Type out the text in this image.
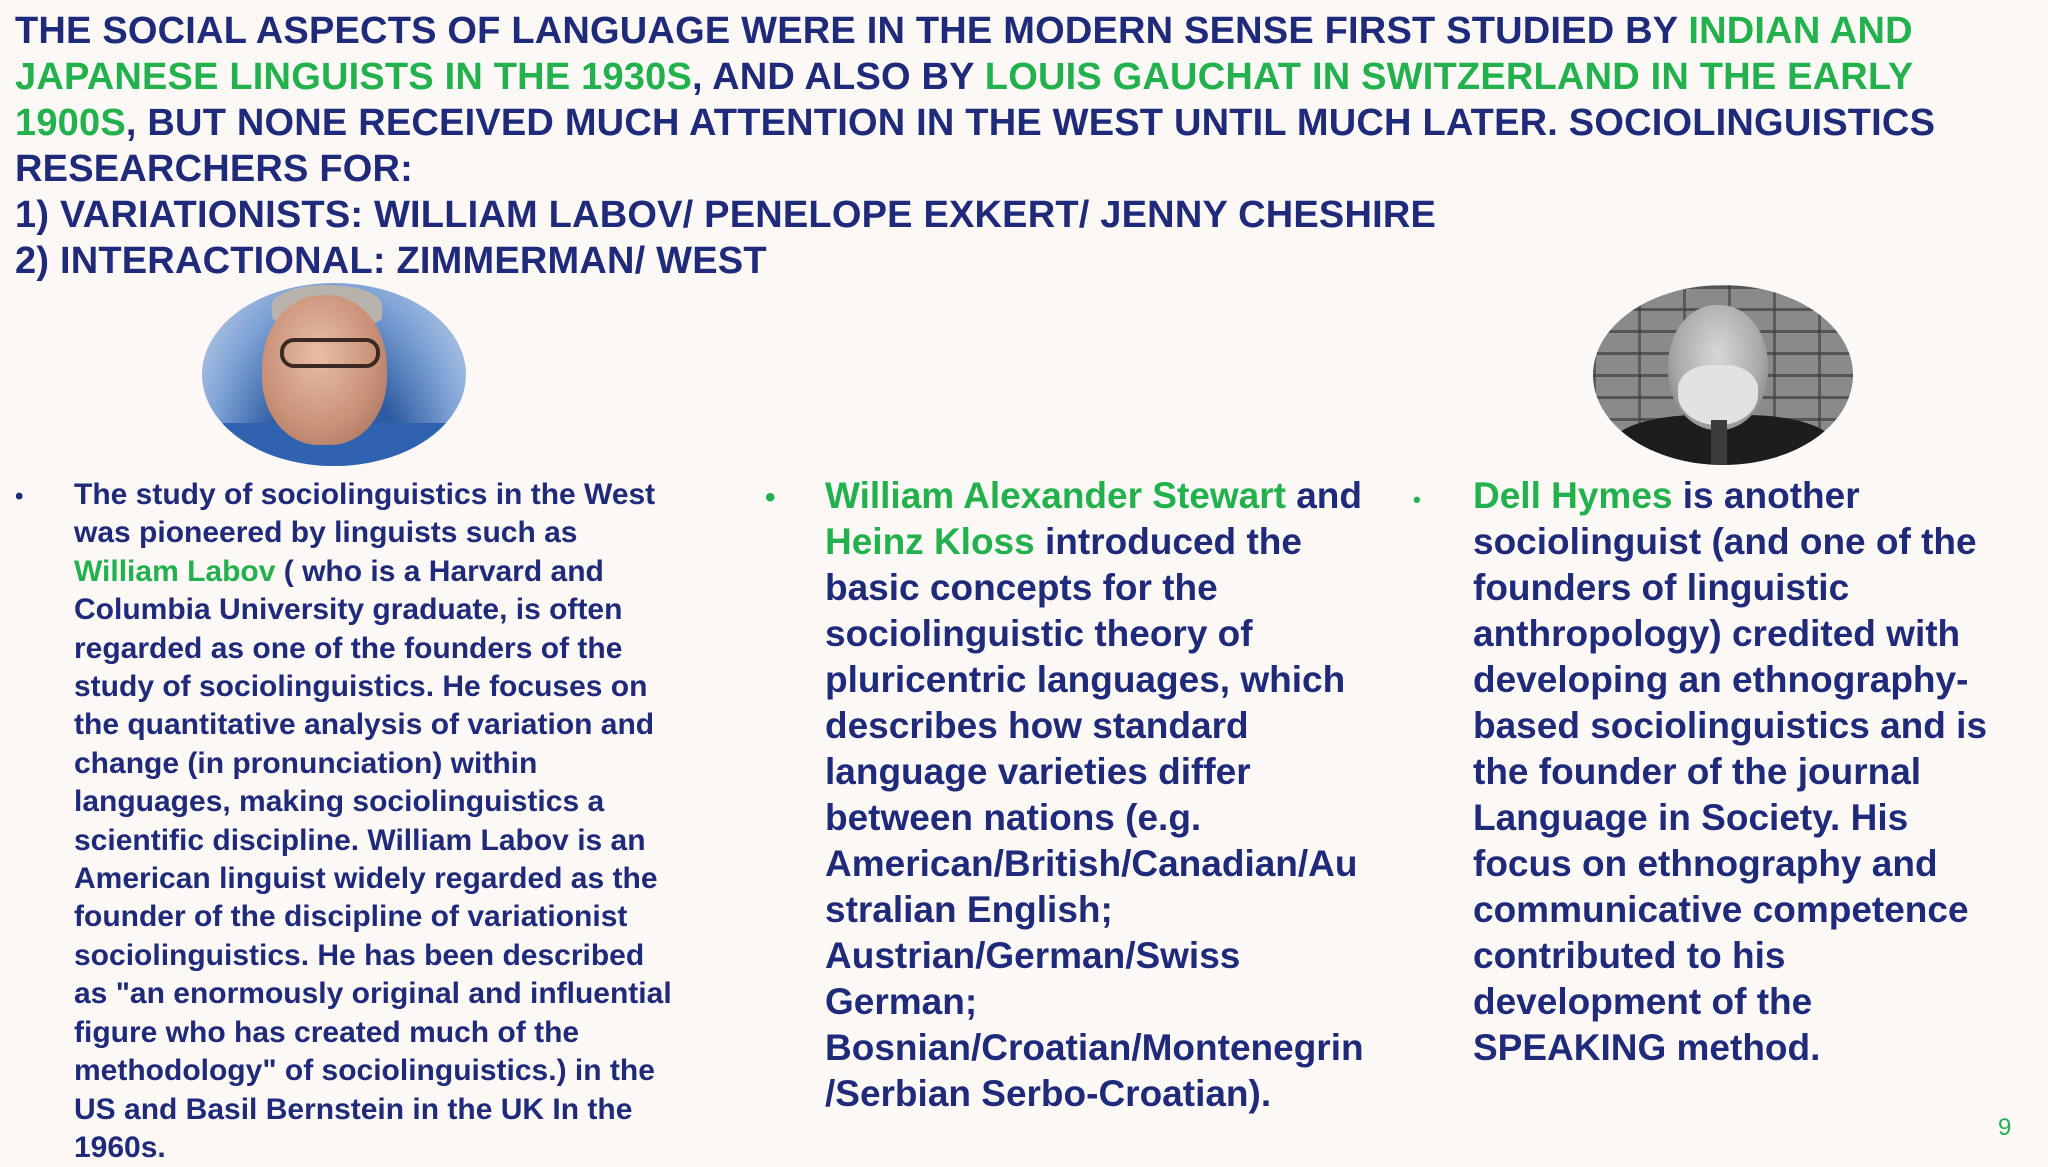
THE SOCIAL ASPECTS OF LANGUAGE WERE IN THE MODERN SENSE FIRST STUDIED BY INDIAN AND
JAPANESE LINGUISTS IN THE 1930S, AND ALSO BY LOUIS GAUCHAT IN SWITZERLAND IN THE EARLY
1900S, BUT NONE RECEIVED MUCH ATTENTION IN THE WEST UNTIL MUCH LATER. SOCIOLINGUISTICS
RESEARCHERS FOR:
1) VARIATIONISTS: WILLIAM LABOV/ PENELOPE EXKERT/ JENNY CHESHIRE
2) INTERACTIONAL: ZIMMERMAN/ WEST
• The study of sociolinguistics in the West
was pioneered by linguists such as
William Labov ( who is a Harvard and
Columbia University graduate, is often
regarded as one of the founders of the
study of sociolinguistics. He focuses on
the quantitative analysis of variation and
change (in pronunciation) within
languages, making sociolinguistics a
scientific discipline. William Labov is an
American linguist widely regarded as the
founder of the discipline of variationist
sociolinguistics. He has been described
as "an enormously original and influential
figure who has created much of the
methodology" of sociolinguistics.) in the
US and Basil Bernstein in the UK In the
1960s.
• William Alexander Stewart and
Heinz Kloss introduced the
basic concepts for the
sociolinguistic theory of
pluricentric languages, which
describes how standard
language varieties differ
between nations (e.g.
American/British/Canadian/Au
stralian English;
Austrian/German/Swiss
German;
Bosnian/Croatian/Montenegrin
/Serbian Serbo-Croatian).
• Dell Hymes is another
sociolinguist (and one of the
founders of linguistic
anthropology) credited with
developing an ethnography-
based sociolinguistics and is
the founder of the journal
Language in Society. His
focus on ethnography and
communicative competence
contributed to his
development of the
SPEAKING method.
9
